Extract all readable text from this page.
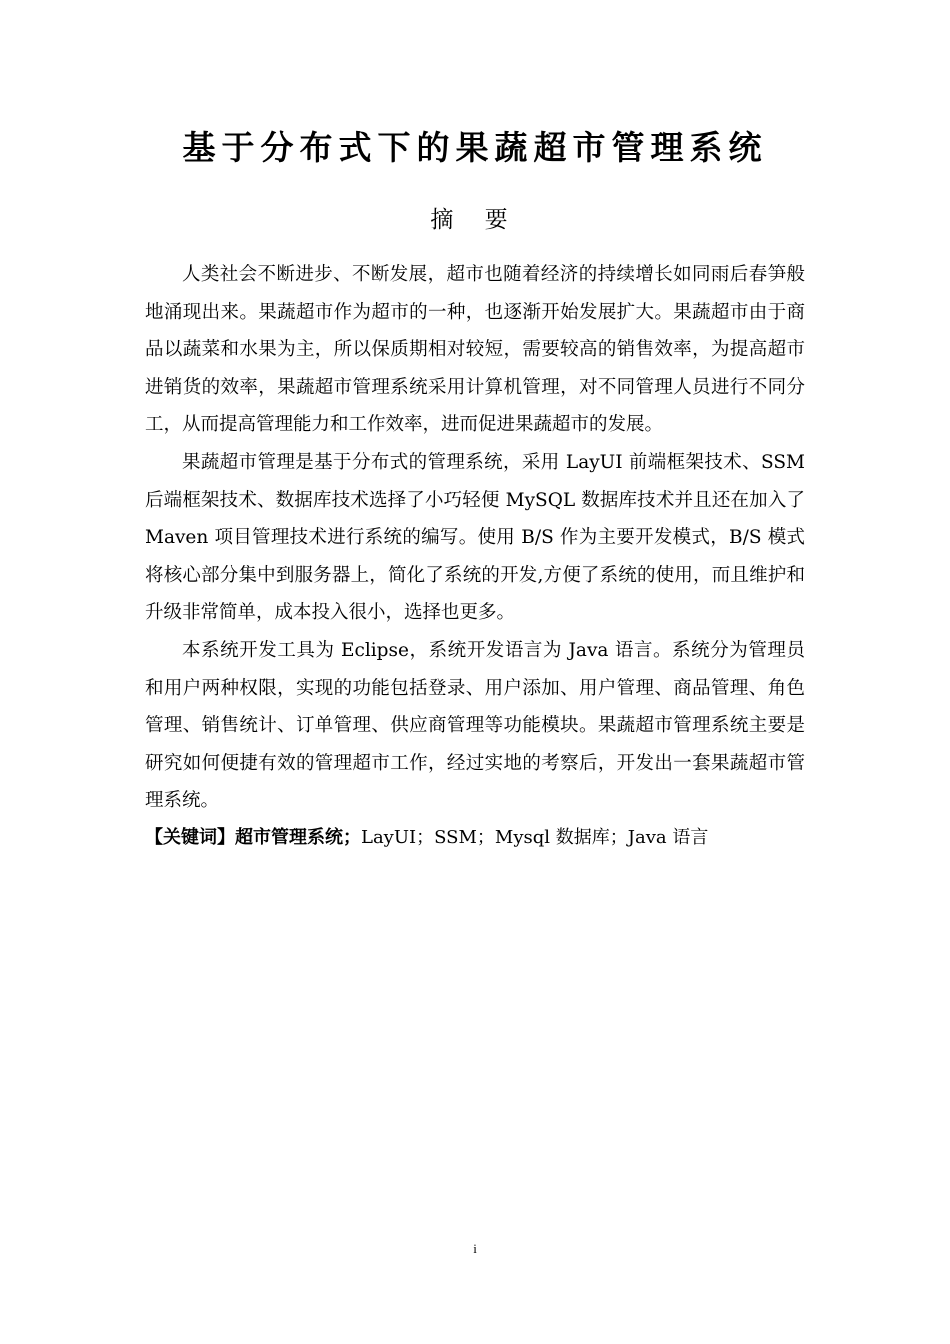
基于分布式下的果蔬超市管理系统
摘 要

人类社会不断进步、不断发展，超市也随着经济的持续增长如同雨后春笋般地涌现出来。果蔬超市作为超市的一种，也逐渐开始发展扩大。果蔬超市由于商品以蔬菜和水果为主，所以保质期相对较短，需要较高的销售效率，为提高超市进销货的效率，果蔬超市管理系统采用计算机管理，对不同管理人员进行不同分工，从而提高管理能力和工作效率，进而促进果蔬超市的发展。

果蔬超市管理是基于分布式的管理系统，采用 LayUI 前端框架技术、SSM 后端框架技术、数据库技术选择了小巧轻便 MySQL 数据库技术并且还在加入了 Maven 项目管理技术进行系统的编写。使用 B/S 作为主要开发模式，B/S 模式将核心部分集中到服务器上，简化了系统的开发,方便了系统的使用，而且维护和升级非常简单，成本投入很小，选择也更多。

本系统开发工具为 Eclipse，系统开发语言为 Java 语言。系统分为管理员和用户两种权限，实现的功能包括登录、用户添加、用户管理、商品管理、角色管理、销售统计、订单管理、供应商管理等功能模块。果蔬超市管理系统主要是研究如何便捷有效的管理超市工作，经过实地的考察后，开发出一套果蔬超市管理系统。

【关键词】超市管理系统；LayUI；SSM；Mysql 数据库；Java 语言

i
